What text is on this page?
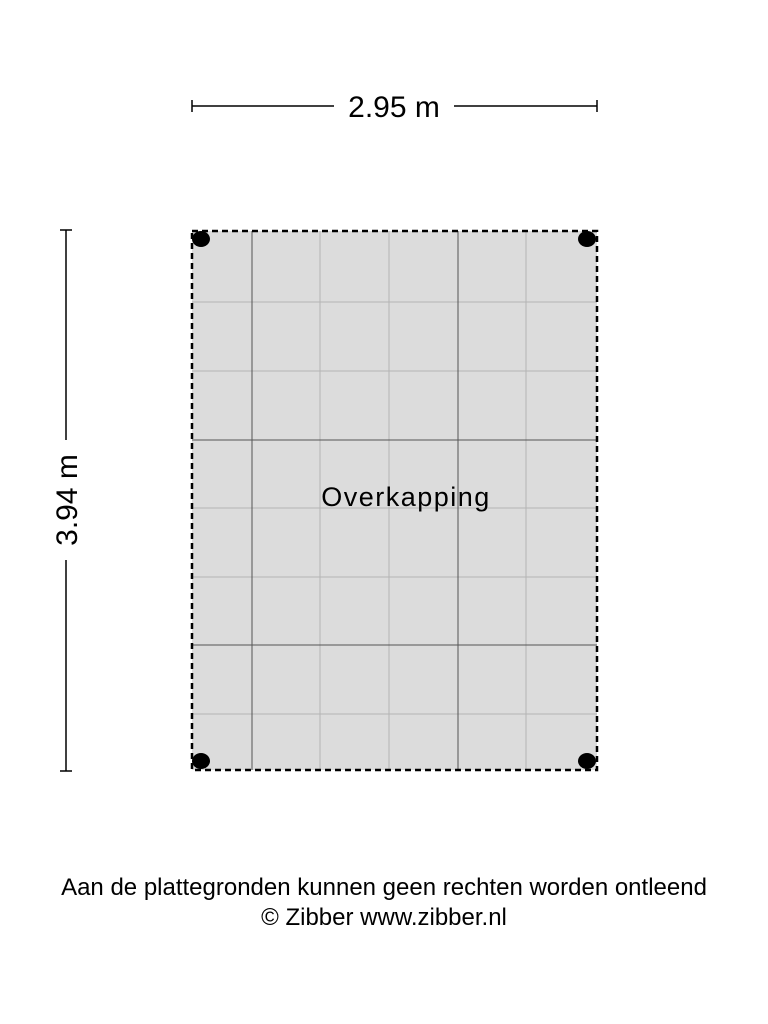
2.95 m
3.94 m	Overkapping
Aan de plattegronden kunnen geen rechten worden ontleend
© Zibber www.zibber.nl
